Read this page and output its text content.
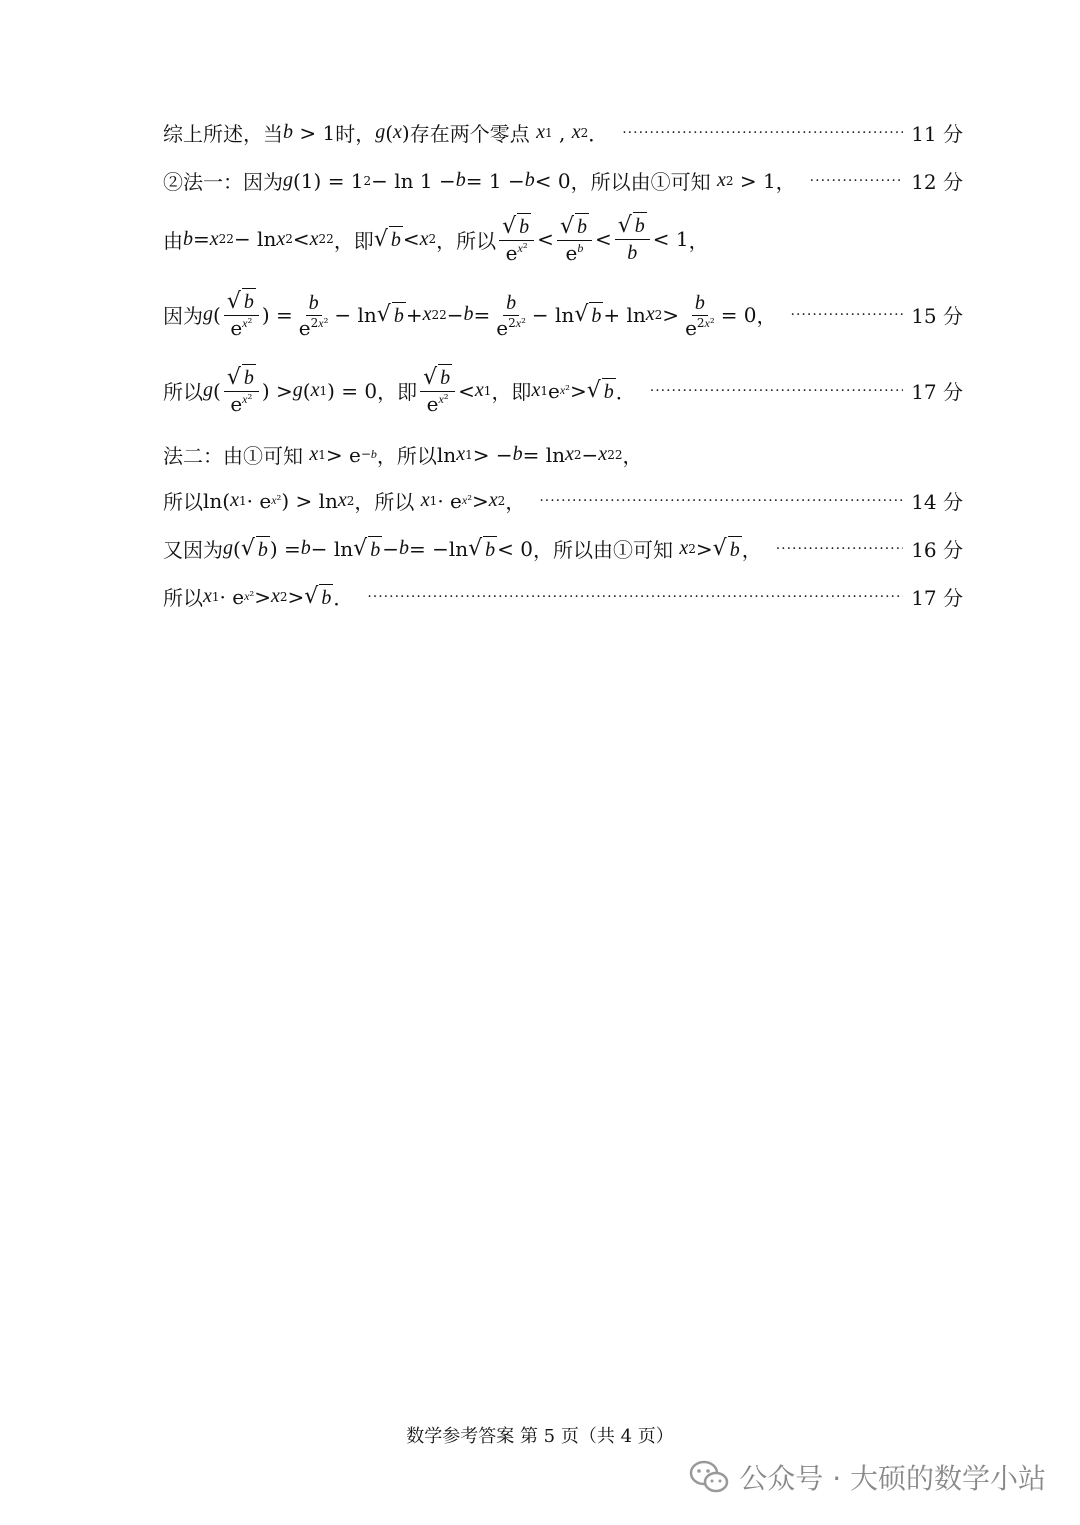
综上所述，当 b > 1 时， g ( x ) 存在两个零点
x 1 , x 2 ． ·····	11 分
②法一：因为 g (1) = 1 2 − ln 1 − b = 1 − b < 0 ，所以由①可知
x 2 > 1 ， ·····	12 分
由 b = x 2 2 − ln x 2 < x 2 2 ，即 √ b < x 2 ，所以 $\frac{√ b}{e^{x^2}} < \frac{√ b}{e^b} < \frac{√ b}{b} < 1$ ，
因为 g ( $\frac{√ b}{e^{x^2}}$ ) = $\frac{b}{e^{2x^2}} - \ln$ √ b + x 2 $2 - b = \frac{b}{e^{2x^2}} - \ln$ √ b + ln x $2 > \frac{b}{e^{2x^2}} = 0$ ， ·····	15 分
所以 g ( $\frac{√ b}{e^{x^2}}$ ) > g ( x 1 ) = 0 ，即 $\frac{√ b}{e^{x^2}} < x$ 1 ，即 x 1 e x² > √ b ． ·····	17 分
法二：由①可知
x 1 > e −b ，所以 ln x 1 > − b = ln x 2 − x 2 2 ，
所以 ln( x 1 · e x² ) > ln x 2 ，所以
x 1 · e x² > x 2 ， ·····	14 分
又因为 g ( √ b ) = b − ln √ b − b = −ln √ b < 0 ，所以由①可知
x 2 > √ b ， ·····	16 分
所以 x 1 · e x² > x 2 > √ b ． ·····	17 分
数学参考答案 第 5 页（共 4 页）
公众号 · 大硕的数学小站
